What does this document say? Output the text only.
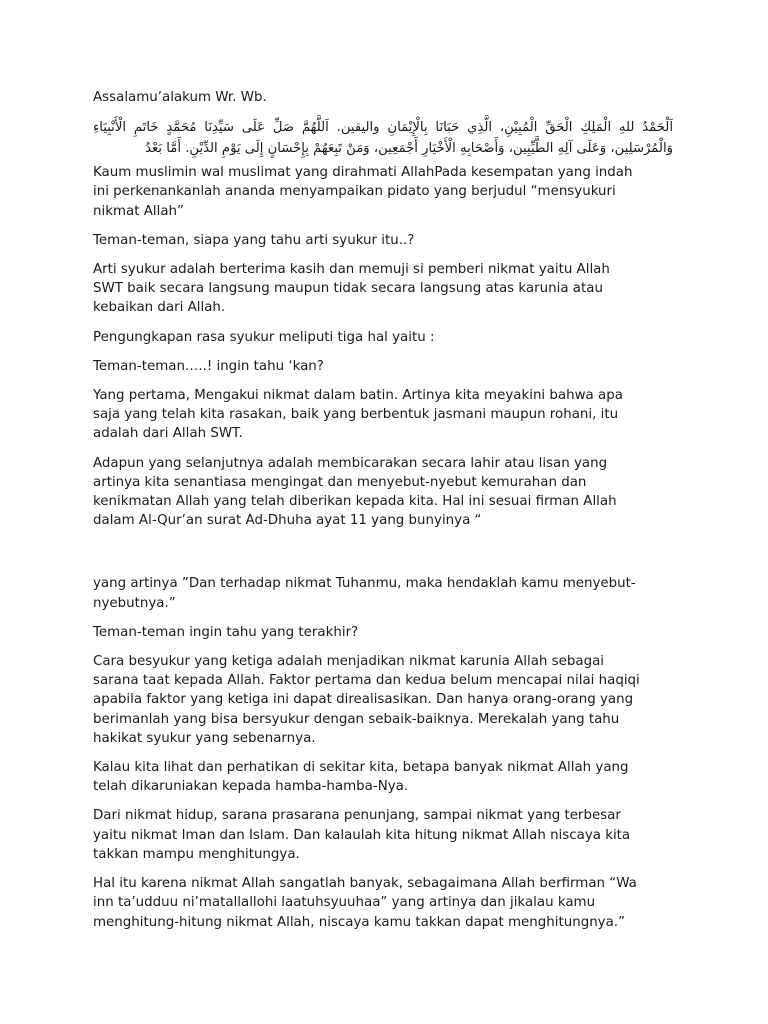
Assalamu’alakum Wr. Wb.

اَلْحَمْدُ للهِ الْمَلِكِ الْحَقِّ الْمُبِيْنِ، الَّذِي حَبَانَا بِالْإِيْمَانِ واليقين. اَللَّهُمَّ صَلِّ عَلَى سَيِّدِنَا مُحَمَّدٍ خَاتَمِ الْأَنْبِيَاءِ وَالْمُرْسَلِين، وَعَلَى آلِهِ الطَّيِّبِين، وَأَصْحَابِهِ الْأَخْيَارِ أَجْمَعِين، وَمَنْ تَبِعَهُمْ بِإِحْسَانٍ إِلَى يَوْمِ الدِّيْنِ. أَمَّا بَعْدُ

Kaum muslimin wal muslimat yang dirahmati AllahPada kesempatan yang indah
ini perkenankanlah ananda menyampaikan pidato yang berjudul “mensyukuri
nikmat Allah”

Teman-teman, siapa yang tahu arti syukur itu..?

Arti syukur adalah berterima kasih dan memuji si pemberi nikmat yaitu Allah
SWT baik secara langsung maupun tidak secara langsung atas karunia atau
kebaikan dari Allah.

Pengungkapan rasa syukur meliputi tiga hal yaitu :

Teman-teman…..! ingin tahu ‘kan?

Yang pertama, Mengakui nikmat dalam batin. Artinya kita meyakini bahwa apa
saja yang telah kita rasakan, baik yang berbentuk jasmani maupun rohani, itu
adalah dari Allah SWT.

Adapun yang selanjutnya adalah membicarakan secara lahir atau lisan yang
artinya kita senantiasa mengingat dan menyebut-nyebut kemurahan dan
kenikmatan Allah yang telah diberikan kepada kita. Hal ini sesuai firman Allah
dalam Al-Qur’an surat Ad-Dhuha ayat 11 yang bunyinya “

yang artinya ”Dan terhadap nikmat Tuhanmu, maka hendaklah kamu menyebut-
nyebutnya.”

Teman-teman ingin tahu yang terakhir?

Cara besyukur yang ketiga adalah menjadikan nikmat karunia Allah sebagai
sarana taat kepada Allah. Faktor pertama dan kedua belum mencapai nilai haqiqi
apabila faktor yang ketiga ini dapat direalisasikan. Dan hanya orang-orang yang
berimanlah yang bisa bersyukur dengan sebaik-baiknya. Merekalah yang tahu
hakikat syukur yang sebenarnya.

Kalau kita lihat dan perhatikan di sekitar kita, betapa banyak nikmat Allah yang
telah dikaruniakan kepada hamba-hamba-Nya.

Dari nikmat hidup, sarana prasarana penunjang, sampai nikmat yang terbesar
yaitu nikmat Iman dan Islam. Dan kalaulah kita hitung nikmat Allah niscaya kita
takkan mampu menghitungya.

Hal itu karena nikmat Allah sangatlah banyak, sebagaimana Allah berfirman “Wa
inn ta’udduu ni’matallallohi laatuhsyuuhaa” yang artinya dan jikalau kamu
menghitung-hitung nikmat Allah, niscaya kamu takkan dapat menghitungnya.”
